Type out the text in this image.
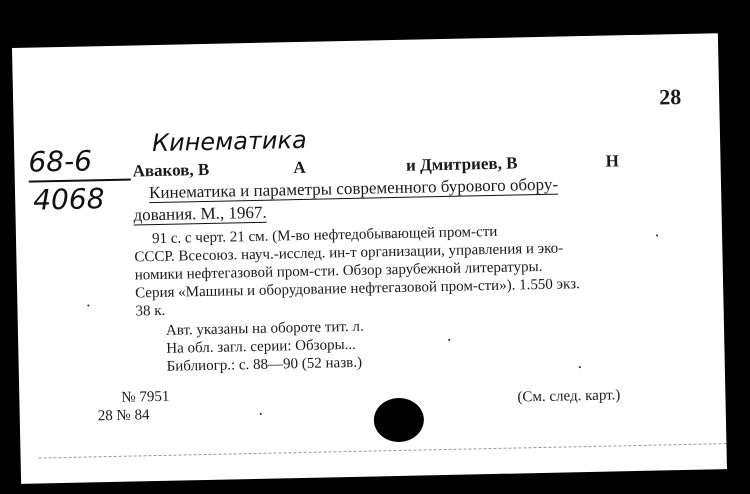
28
Кинематика
68-6
4068
Аваков, В	А	и Дмитриев, В	Н
Кинематика и параметры современного бурового обору-
дования. М., 1967.
91 с. с черт. 21 см. (М-во нефтедобывающей пром-сти
СССР. Всесоюз. науч.-исслед. ин-т организации, управления и эко-
номики нефтегазовой пром-сти. Обзор зарубежной литературы.
Серия «Машины и оборудование нефтегазовой пром-сти»). 1.550 экз.
38 к.
Авт. указаны на обороте тит. л.
На обл. загл. серии: Обзоры...
Библиогр.: с. 88—90 (52 назв.)
№ 7951
28 № 84
(См. след. карт.)
